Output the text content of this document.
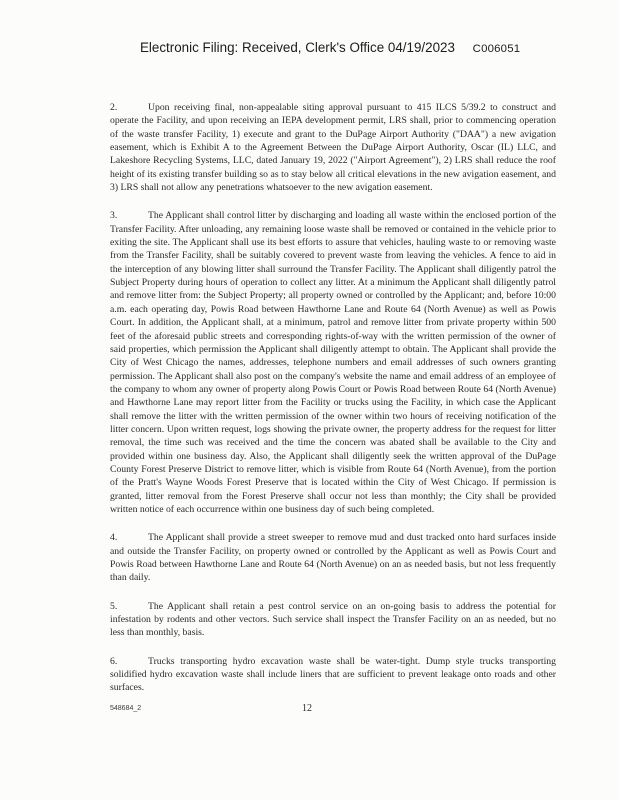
Electronic Filing: Received, Clerk's Office 04/19/2023 C006051

2.	Upon receiving final, non-appealable siting approval pursuant to 415 ILCS 5/39.2 to construct and operate the Facility, and upon receiving an IEPA development permit, LRS shall, prior to commencing operation of the waste transfer Facility, 1) execute and grant to the DuPage Airport Authority ("DAA") a new avigation easement, which is Exhibit A to the Agreement Between the DuPage Airport Authority, Oscar (IL) LLC, and Lakeshore Recycling Systems, LLC, dated January 19, 2022 ("Airport Agreement"), 2) LRS shall reduce the roof height of its existing transfer building so as to stay below all critical elevations in the new avigation easement, and 3) LRS shall not allow any penetrations whatsoever to the new avigation easement.

3.	The Applicant shall control litter by discharging and loading all waste within the enclosed portion of the Transfer Facility. After unloading, any remaining loose waste shall be removed or contained in the vehicle prior to exiting the site. The Applicant shall use its best efforts to assure that vehicles, hauling waste to or removing waste from the Transfer Facility, shall be suitably covered to prevent waste from leaving the vehicles. A fence to aid in the interception of any blowing litter shall surround the Transfer Facility. The Applicant shall diligently patrol the Subject Property during hours of operation to collect any litter. At a minimum the Applicant shall diligently patrol and remove litter from: the Subject Property; all property owned or controlled by the Applicant; and, before 10:00 a.m. each operating day, Powis Road between Hawthorne Lane and Route 64 (North Avenue) as well as Powis Court. In addition, the Applicant shall, at a minimum, patrol and remove litter from private property within 500 feet of the aforesaid public streets and corresponding rights-of-way with the written permission of the owner of said properties, which permission the Applicant shall diligently attempt to obtain. The Applicant shall provide the City of West Chicago the names, addresses, telephone numbers and email addresses of such owners granting permission. The Applicant shall also post on the company's website the name and email address of an employee of the company to whom any owner of property along Powis Court or Powis Road between Route 64 (North Avenue) and Hawthorne Lane may report litter from the Facility or trucks using the Facility, in which case the Applicant shall remove the litter with the written permission of the owner within two hours of receiving notification of the litter concern. Upon written request, logs showing the private owner, the property address for the request for litter removal, the time such was received and the time the concern was abated shall be available to the City and provided within one business day. Also, the Applicant shall diligently seek the written approval of the DuPage County Forest Preserve District to remove litter, which is visible from Route 64 (North Avenue), from the portion of the Pratt's Wayne Woods Forest Preserve that is located within the City of West Chicago. If permission is granted, litter removal from the Forest Preserve shall occur not less than monthly; the City shall be provided written notice of each occurrence within one business day of such being completed.

4.	The Applicant shall provide a street sweeper to remove mud and dust tracked onto hard surfaces inside and outside the Transfer Facility, on property owned or controlled by the Applicant as well as Powis Court and Powis Road between Hawthorne Lane and Route 64 (North Avenue) on an as needed basis, but not less frequently than daily.

5.	The Applicant shall retain a pest control service on an on-going basis to address the potential for infestation by rodents and other vectors. Such service shall inspect the Transfer Facility on an as needed, but no less than monthly, basis.

6.	Trucks transporting hydro excavation waste shall be water-tight. Dump style trucks transporting solidified hydro excavation waste shall include liners that are sufficient to prevent leakage onto roads and other surfaces.

548684_2	12
